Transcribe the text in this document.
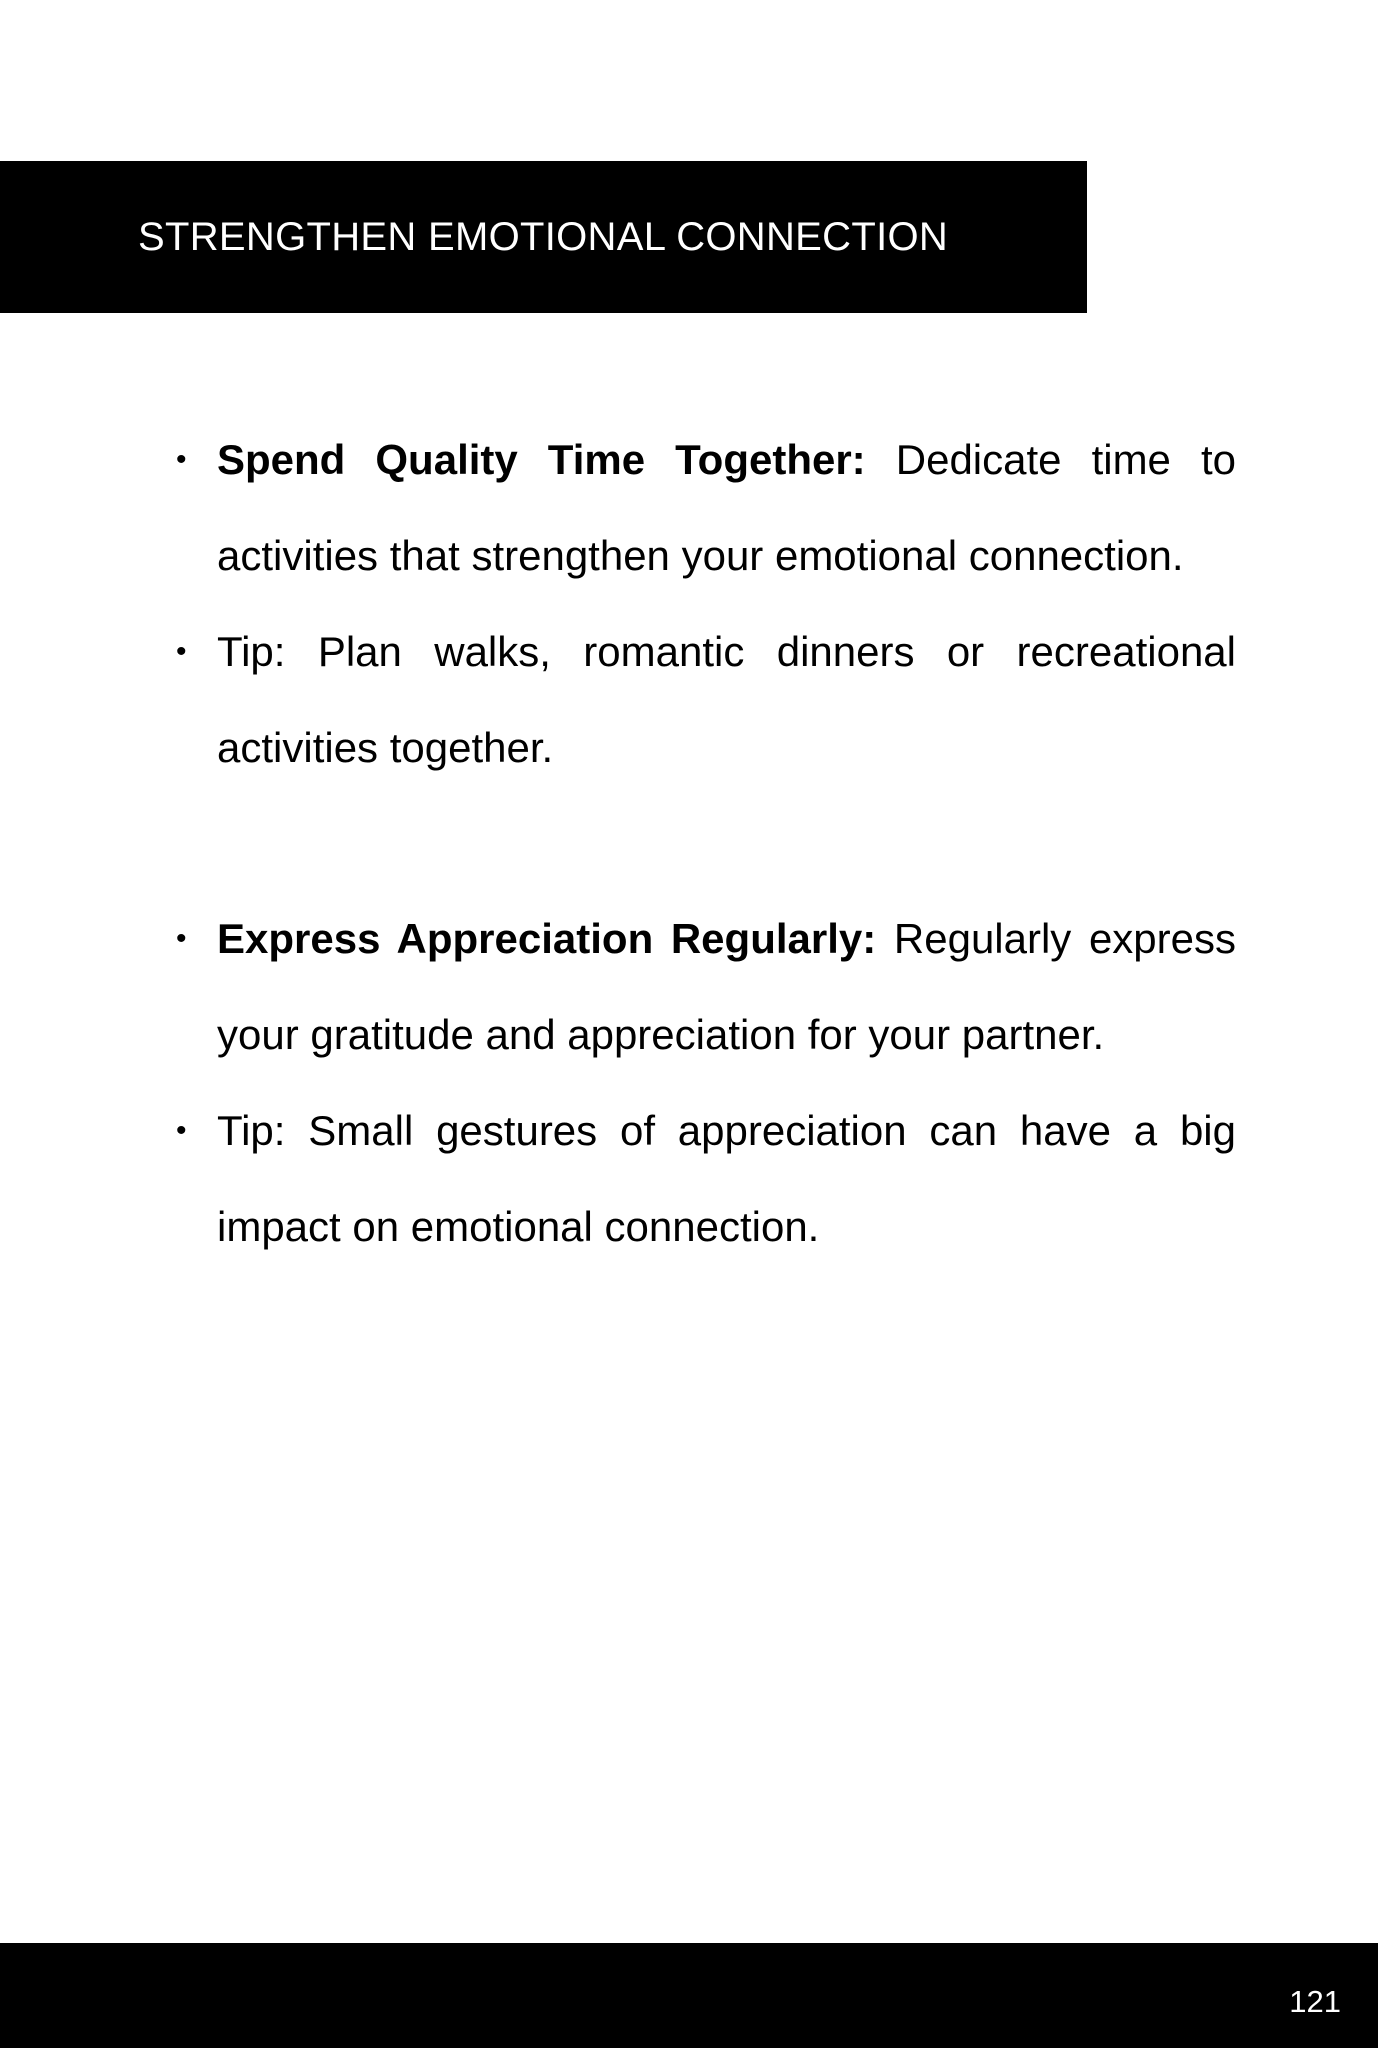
STRENGTHEN EMOTIONAL CONNECTION
• Spend Quality Time Together: Dedicate time to activities that strengthen your emotional connection.
• Tip: Plan walks, romantic dinners or recreational activities together.
• Express Appreciation Regularly: Regularly express your gratitude and appreciation for your partner.
• Tip: Small gestures of appreciation can have a big impact on emotional connection.
121
